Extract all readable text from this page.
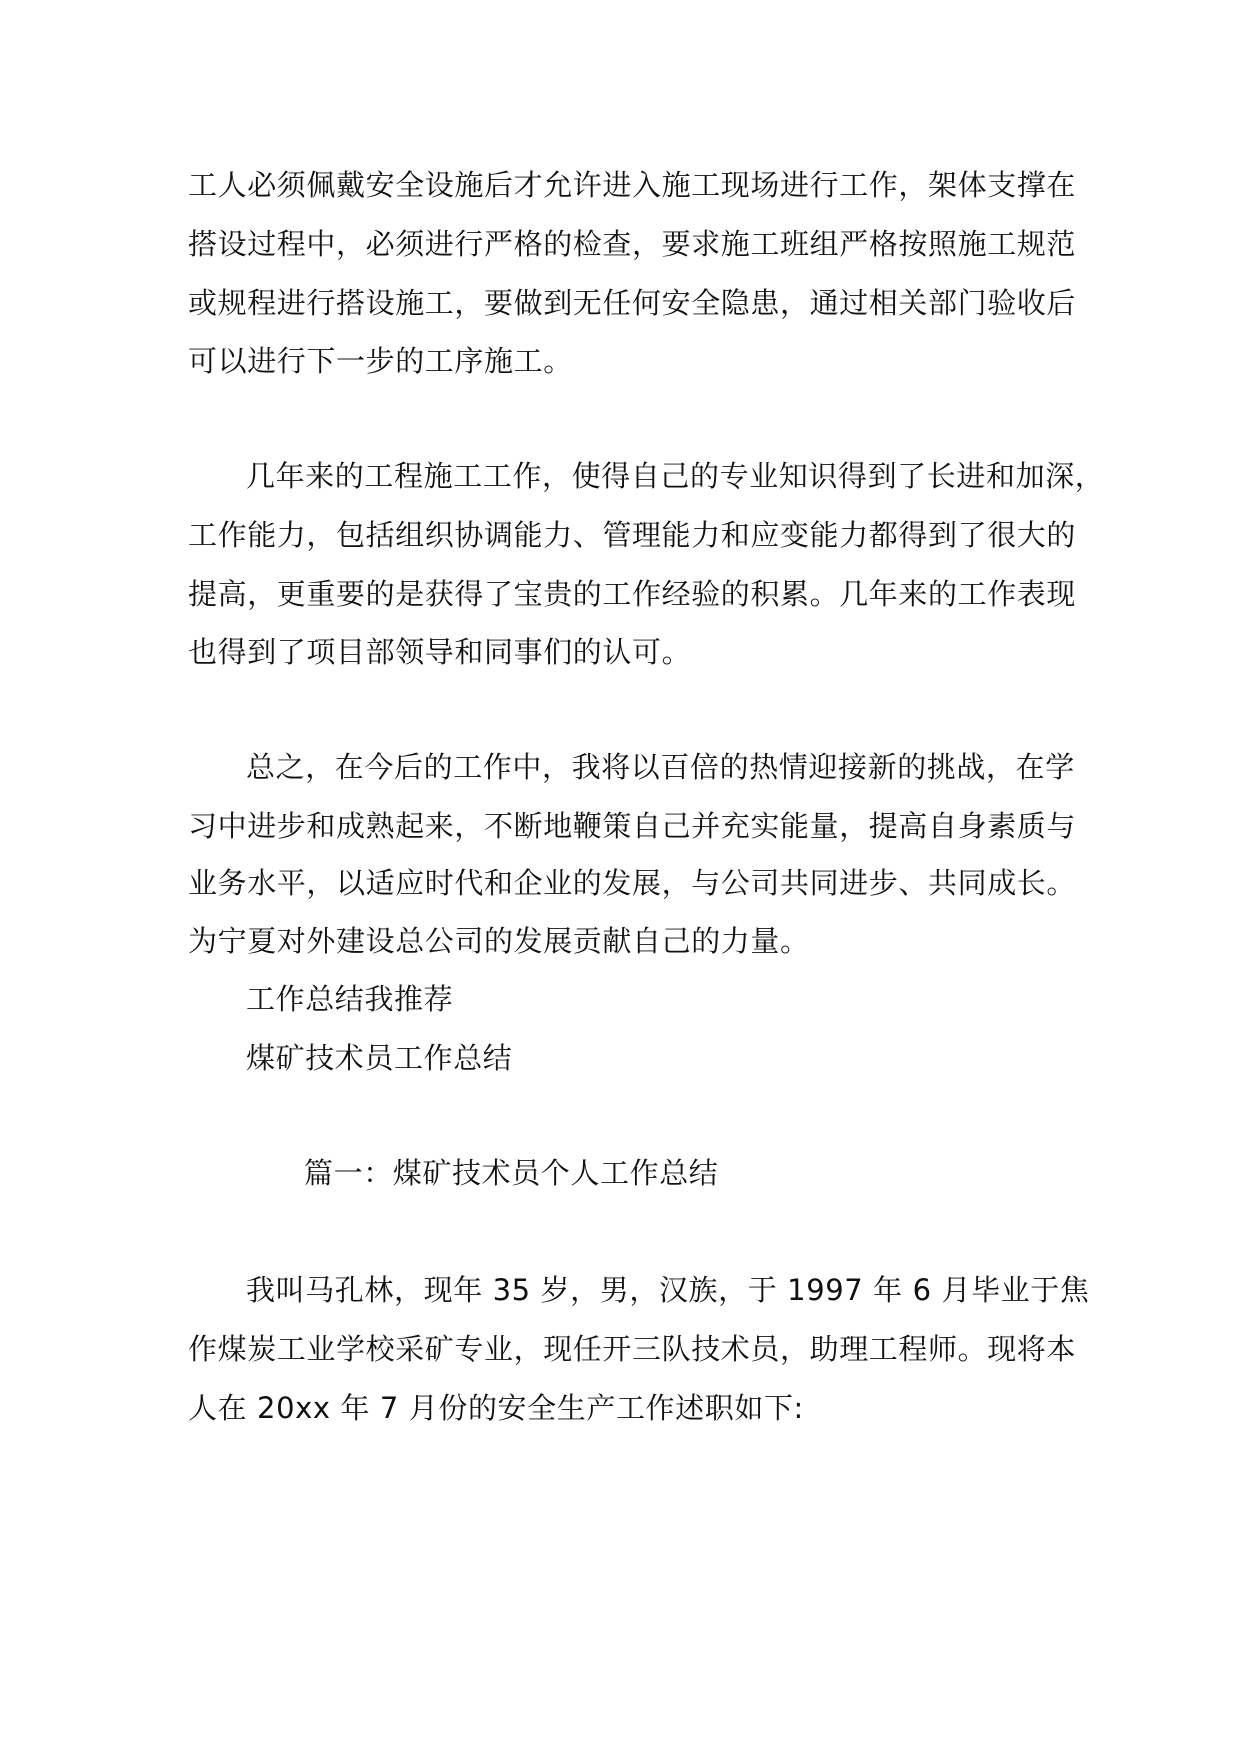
工人必须佩戴安全设施后才允许进入施工现场进行工作，架体支撑在
搭设过程中，必须进行严格的检查，要求施工班组严格按照施工规范
或规程进行搭设施工，要做到无任何安全隐患，通过相关部门验收后
可以进行下一步的工序施工。
几年来的工程施工工作，使得自己的专业知识得到了长进和加深，
工作能力，包括组织协调能力、管理能力和应变能力都得到了很大的
提高，更重要的是获得了宝贵的工作经验的积累。几年来的工作表现
也得到了项目部领导和同事们的认可。
总之，在今后的工作中，我将以百倍的热情迎接新的挑战，在学
习中进步和成熟起来，不断地鞭策自己并充实能量，提高自身素质与
业务水平，以适应时代和企业的发展，与公司共同进步、共同成长。
为宁夏对外建设总公司的发展贡献自己的力量。
工作总结我推荐
煤矿技术员工作总结
篇一：煤矿技术员个人工作总结
我叫马孔林，现年 35 岁，男，汉族，于 1997 年 6 月毕业于焦
作煤炭工业学校采矿专业，现任开三队技术员，助理工程师。现将本
人在 20xx 年 7 月份的安全生产工作述职如下:
